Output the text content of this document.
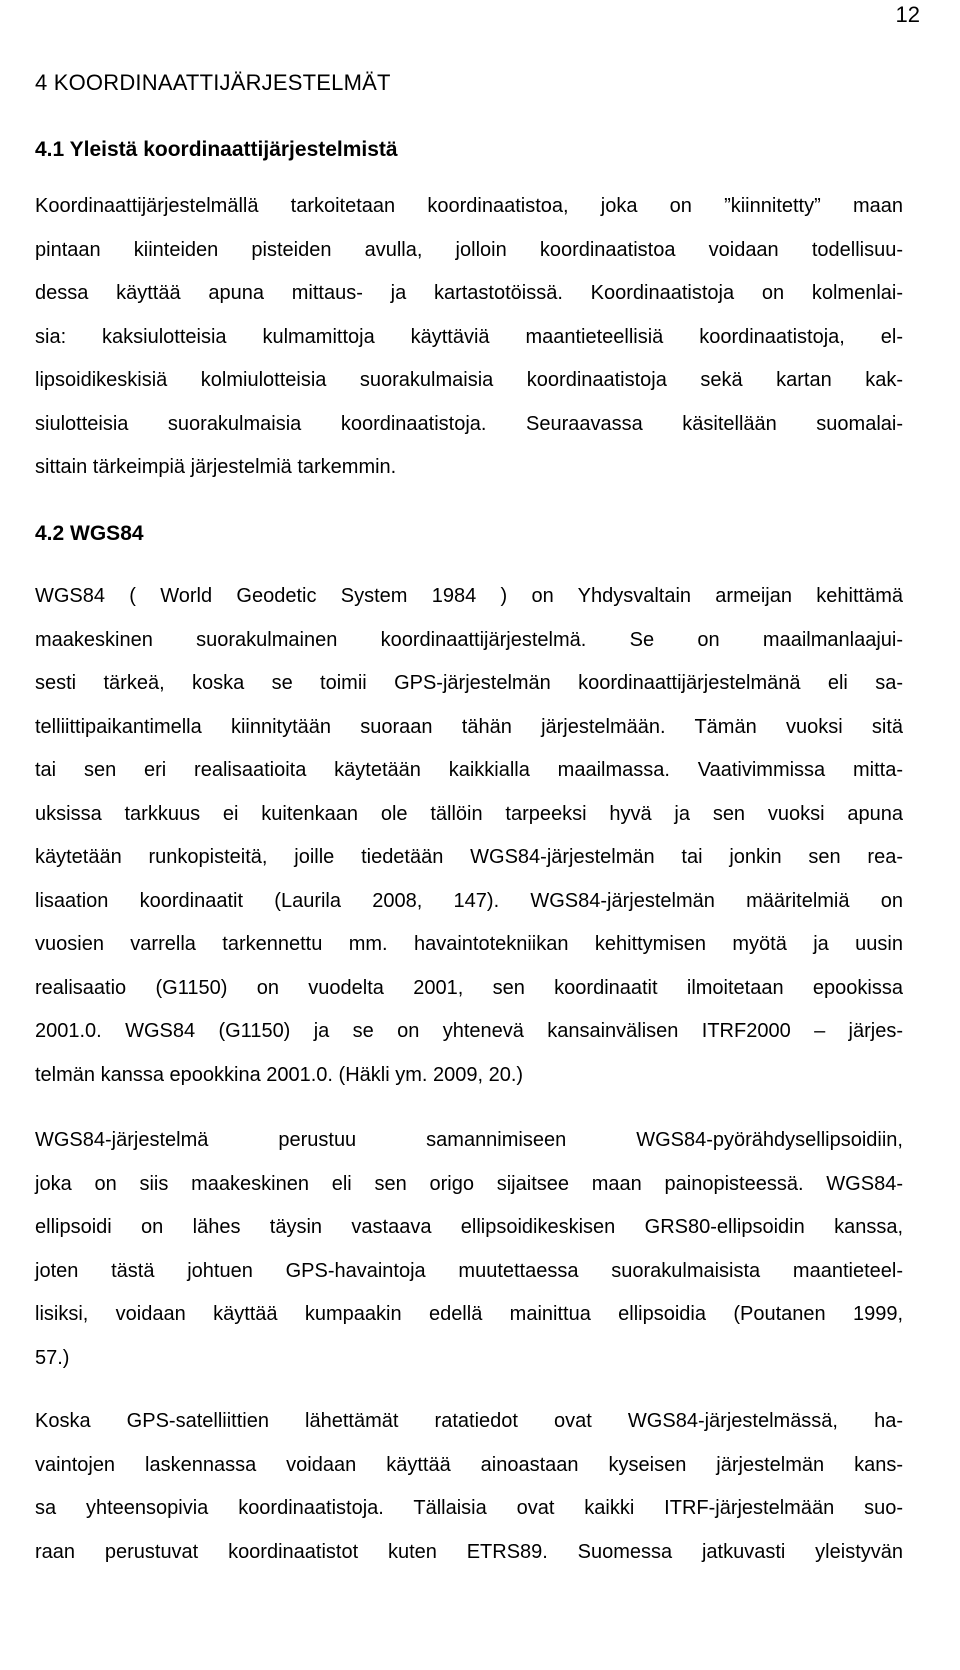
12
4 KOORDINAATTIJÄRJESTELMÄT
4.1 Yleistä koordinaattijärjestelmistä
Koordinaattijärjestelmällä tarkoitetaan koordinaatistoa, joka on ”kiinnitetty” maan
pintaan kiinteiden pisteiden avulla, jolloin koordinaatistoa voidaan todellisuu-
dessa käyttää apuna mittaus- ja kartastotöissä. Koordinaatistoja on kolmenlai-
sia: kaksiulotteisia kulmamittoja käyttäviä maantieteellisiä koordinaatistoja, el-
lipsoidikeskisiä kolmiulotteisia suorakulmaisia koordinaatistoja sekä kartan kak-
siulotteisia suorakulmaisia koordinaatistoja. Seuraavassa käsitellään suomalai-
sittain tärkeimpiä järjestelmiä tarkemmin.
4.2 WGS84
WGS84 ( World Geodetic System 1984 ) on Yhdysvaltain armeijan kehittämä
maakeskinen suorakulmainen koordinaattijärjestelmä. Se on maailmanlaajui-
sesti tärkeä, koska se toimii GPS-järjestelmän koordinaattijärjestelmänä eli sa-
telliittipaikantimella kiinnitytään suoraan tähän järjestelmään. Tämän vuoksi sitä
tai sen eri realisaatioita käytetään kaikkialla maailmassa. Vaativimmissa mitta-
uksissa tarkkuus ei kuitenkaan ole tällöin tarpeeksi hyvä ja sen vuoksi apuna
käytetään runkopisteitä, joille tiedetään WGS84-järjestelmän tai jonkin sen rea-
lisaation koordinaatit (Laurila 2008, 147). WGS84-järjestelmän määritelmiä on
vuosien varrella tarkennettu mm. havaintotekniikan kehittymisen myötä ja uusin
realisaatio (G1150) on vuodelta 2001, sen koordinaatit ilmoitetaan epookissa
2001.0. WGS84 (G1150) ja se on yhtenevä kansainvälisen ITRF2000 – järjes-
telmän kanssa epookkina 2001.0. (Häkli ym. 2009, 20.)
WGS84-järjestelmä perustuu samannimiseen WGS84-pyörähdysellipsoidiin,
joka on siis maakeskinen eli sen origo sijaitsee maan painopisteessä. WGS84-
ellipsoidi on lähes täysin vastaava ellipsoidikeskisen GRS80-ellipsoidin kanssa,
joten tästä johtuen GPS-havaintoja muutettaessa suorakulmaisista maantieteel-
lisiksi, voidaan käyttää kumpaakin edellä mainittua ellipsoidia (Poutanen 1999,
57.)
Koska GPS-satelliittien lähettämät ratatiedot ovat WGS84-järjestelmässä, ha-
vaintojen laskennassa voidaan käyttää ainoastaan kyseisen järjestelmän kans-
sa yhteensopivia koordinaatistoja. Tällaisia ovat kaikki ITRF-järjestelmään suo-
raan perustuvat koordinaatistot kuten ETRS89. Suomessa jatkuvasti yleistyvän
